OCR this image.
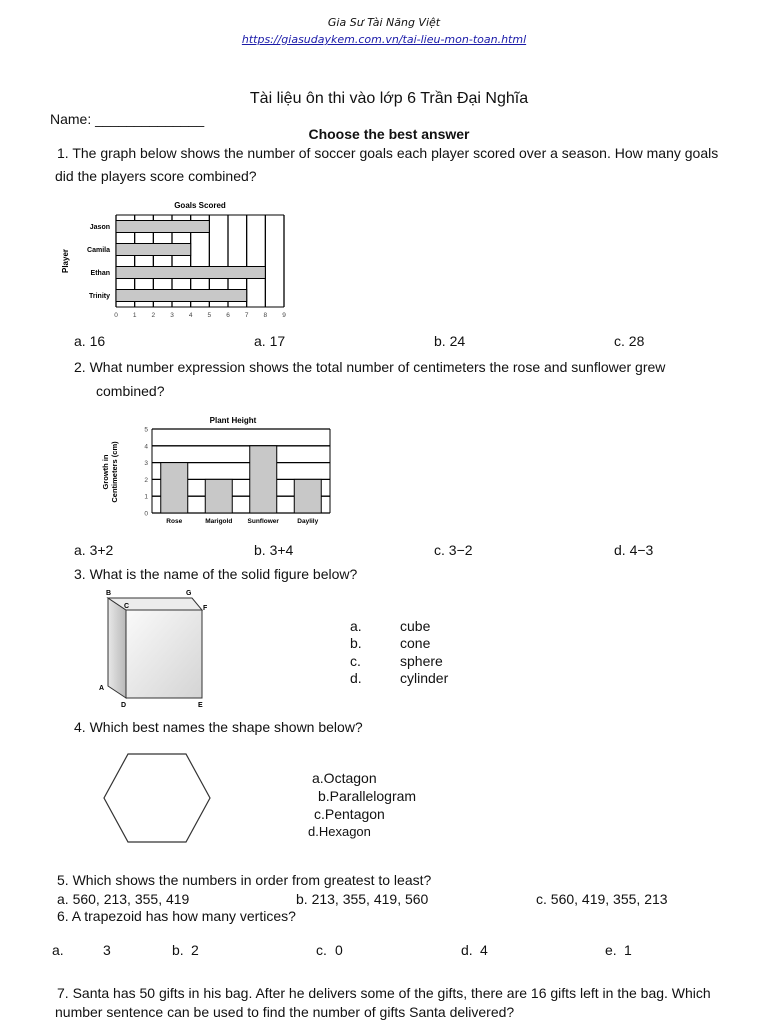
Gia Sư Tài Năng Việt
https://giasudaykem.com.vn/tai-lieu-mon-toan.html
Tài liệu ôn thi vào lớp 6 Trần Đại Nghĩa
Name: ______________
Choose the best answer
1. The graph below shows the number of soccer goals each player scored over a season. How many goals
did the players score combined?
Goals Scored
Player
Jason
Camila
Ethan
Trinity
0 1 2 3 4 5 6 7 8 9
a. 16	a. 17	b. 24	c. 28
2. What number expression shows the total number of centimeters the rose and sunflower grew
combined?
Plant Height
Growth in Centimeters (cm)
Rose	Marigold Sunflower	Daylily
0
1
2
3
4
5
a. 3+2	b. 3+4	c. 3−2	d. 4−3
3. What is the name of the solid figure below?
B	G
C	F
A
D	E
a.	cube
b.	cone
c.	sphere
d.	cylinder
4. Which best names the shape shown below?
a.Octagon
b.Parallelogram
c.Pentagon
d.Hexagon
5. Which shows the numbers in order from greatest to least?
a. 560, 213, 355, 419	b. 213, 355, 419, 560	c. 560, 419, 355, 213
6. A trapezoid has how many vertices?
a.	3	b. 2	c. 0	d. 4	e. 1
7. Santa has 50 gifts in his bag. After he delivers some of the gifts, there are 16 gifts left in the bag. Which
number sentence can be used to find the number of gifts Santa delivered?
